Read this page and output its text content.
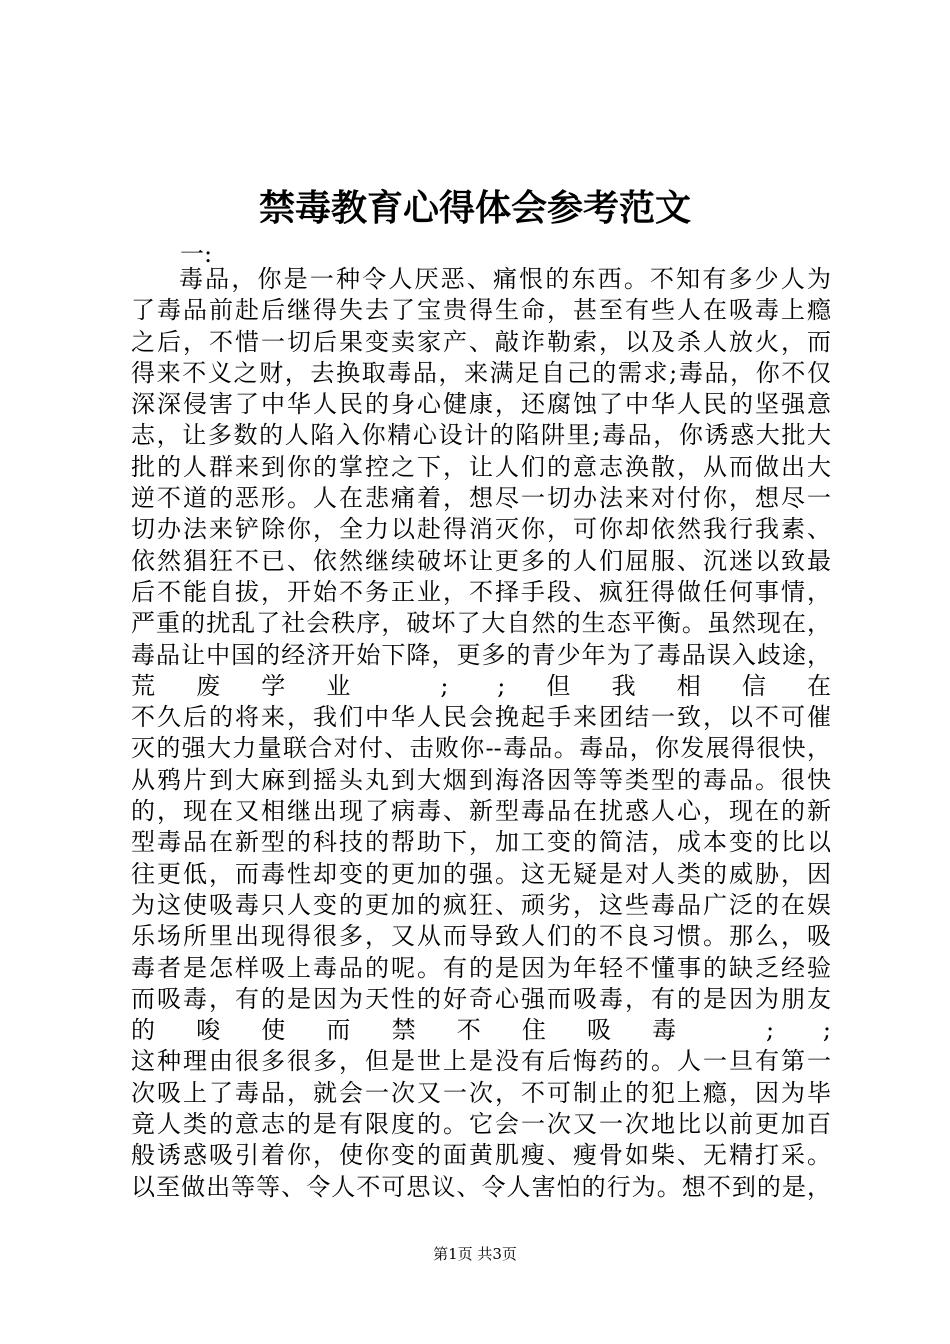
禁毒教育心得体会参考范文
一:
毒品，你是一种令人厌恶、痛恨的东西。不知有多少人为
了毒品前赴后继得失去了宝贵得生命，甚至有些人在吸毒上瘾
之后，不惜一切后果变卖家产、敲诈勒索，以及杀人放火，而
得来不义之财，去换取毒品，来满足自己的需求;毒品，你不仅
深深侵害了中华人民的身心健康，还腐蚀了中华人民的坚强意
志，让多数的人陷入你精心设计的陷阱里;毒品，你诱惑大批大
批的人群来到你的掌控之下，让人们的意志涣散，从而做出大
逆不道的恶形。人在悲痛着，想尽一切办法来对付你，想尽一
切办法来铲除你，全力以赴得消灭你，可你却依然我行我素、
依然猖狂不已、依然继续破坏让更多的人们屈服、沉迷以致最
后不能自拔，开始不务正业，不择手段、疯狂得做任何事情，
严重的扰乱了社会秩序，破坏了大自然的生态平衡。虽然现在，
毒品让中国的经济开始下降，更多的青少年为了毒品误入歧途，
荒废学业 ; ;但我相信在
不久后的将来，我们中华人民会挽起手来团结一致，以不可催
灭的强大力量联合对付、击败你--毒品。毒品，你发展得很快，
从鸦片到大麻到摇头丸到大烟到海洛因等等类型的毒品。很快
的，现在又相继出现了病毒、新型毒品在扰惑人心，现在的新
型毒品在新型的科技的帮助下，加工变的简洁，成本变的比以
往更低，而毒性却变的更加的强。这无疑是对人类的威胁，因
为这使吸毒只人变的更加的疯狂、顽劣，这些毒品广泛的在娱
乐场所里出现得很多，又从而导致人们的不良习惯。那么，吸
毒者是怎样吸上毒品的呢。有的是因为年轻不懂事的缺乏经验
而吸毒，有的是因为天性的好奇心强而吸毒，有的是因为朋友
的唆使而禁不住吸毒 ; ;
这种理由很多很多，但是世上是没有后悔药的。人一旦有第一
次吸上了毒品，就会一次又一次，不可制止的犯上瘾，因为毕
竟人类的意志的是有限度的。它会一次又一次地比以前更加百
般诱惑吸引着你，使你变的面黄肌瘦、瘦骨如柴、无精打采。
以至做出等等、令人不可思议、令人害怕的行为。想不到的是，
第1页 共3页
